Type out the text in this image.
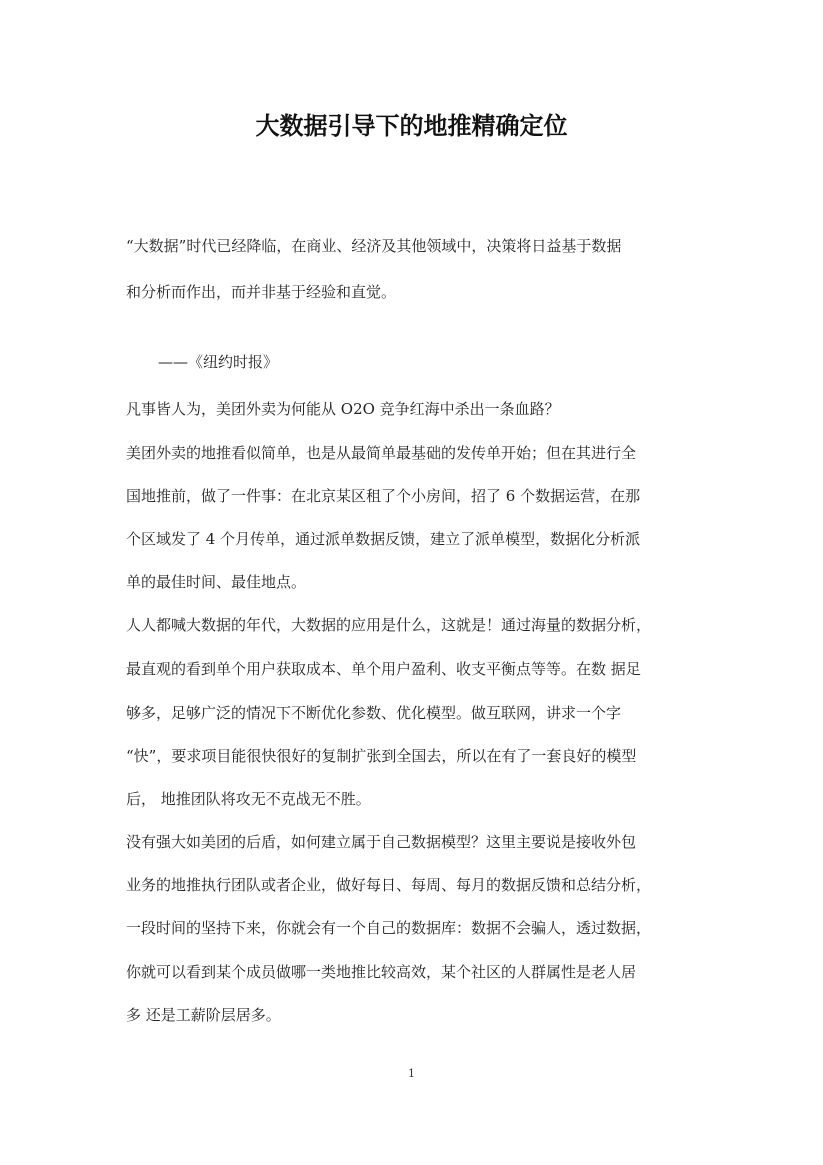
大数据引导下的地推精确定位

“大数据”时代已经降临，在商业、经济及其他领域中，决策将日益基于数据

和分析而作出，而并非基于经验和直觉。

——《纽约时报》

凡事皆人为，美团外卖为何能从 O2O 竞争红海中杀出一条血路？

美团外卖的地推看似简单，也是从最简单最基础的发传单开始；但在其进行全

国地推前，做了一件事：在北京某区租了个小房间，招了 6 个数据运营，在那

个区域发了 4 个月传单，通过派单数据反馈，建立了派单模型，数据化分析派

单的最佳时间、最佳地点。

人人都喊大数据的年代，大数据的应用是什么，这就是！通过海量的数据分析，

最直观的看到单个用户获取成本、单个用户盈利、收支平衡点等等。在数 据足

够多，足够广泛的情况下不断优化参数、优化模型。做互联网，讲求一个字

“快”，要求项目能很快很好的复制扩张到全国去，所以在有了一套良好的模型

后， 地推团队将攻无不克战无不胜。

没有强大如美团的后盾，如何建立属于自己数据模型？这里主要说是接收外包

业务的地推执行团队或者企业，做好每日、每周、每月的数据反馈和总结分析，

一段时间的坚持下来，你就会有一个自己的数据库：数据不会骗人，透过数据，

你就可以看到某个成员做哪一类地推比较高效，某个社区的人群属性是老人居

多 还是工薪阶层居多。

1
